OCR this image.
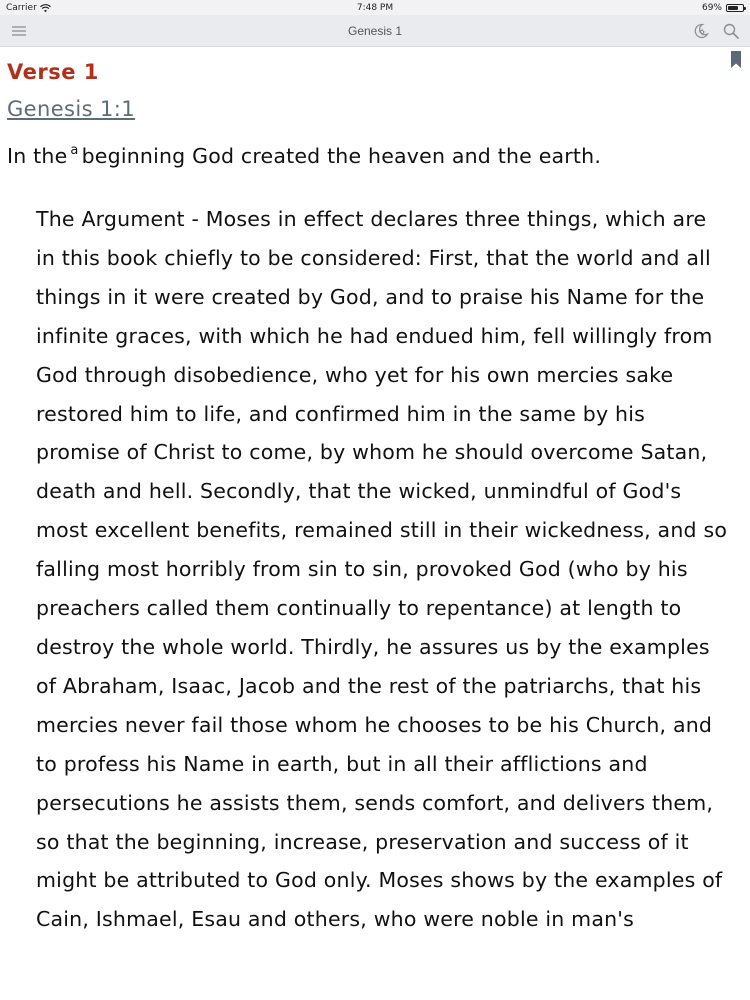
Carrier	7:48 PM	69%
Genesis 1
Verse 1
Genesis 1:1
In the $^a$ beginning God created the heaven and the earth.
The Argument - Moses in effect declares three things, which are in this book chiefly to be considered: First, that the world and all things in it were created by God, and to praise his Name for the infinite graces, with which he had endued him, fell willingly from God through disobedience, who yet for his own mercies sake restored him to life, and confirmed him in the same by his promise of Christ to come, by whom he should overcome Satan, death and hell. Secondly, that the wicked, unmindful of God's most excellent benefits, remained still in their wickedness, and so falling most horribly from sin to sin, provoked God (who by his preachers called them continually to repentance) at length to destroy the whole world. Thirdly, he assures us by the examples of Abraham, Isaac, Jacob and the rest of the patriarchs, that his mercies never fail those whom he chooses to be his Church, and to profess his Name in earth, but in all their afflictions and persecutions he assists them, sends comfort, and delivers them, so that the beginning, increase, preservation and success of it might be attributed to God only. Moses shows by the examples of Cain, Ishmael, Esau and others, who were noble in man's
